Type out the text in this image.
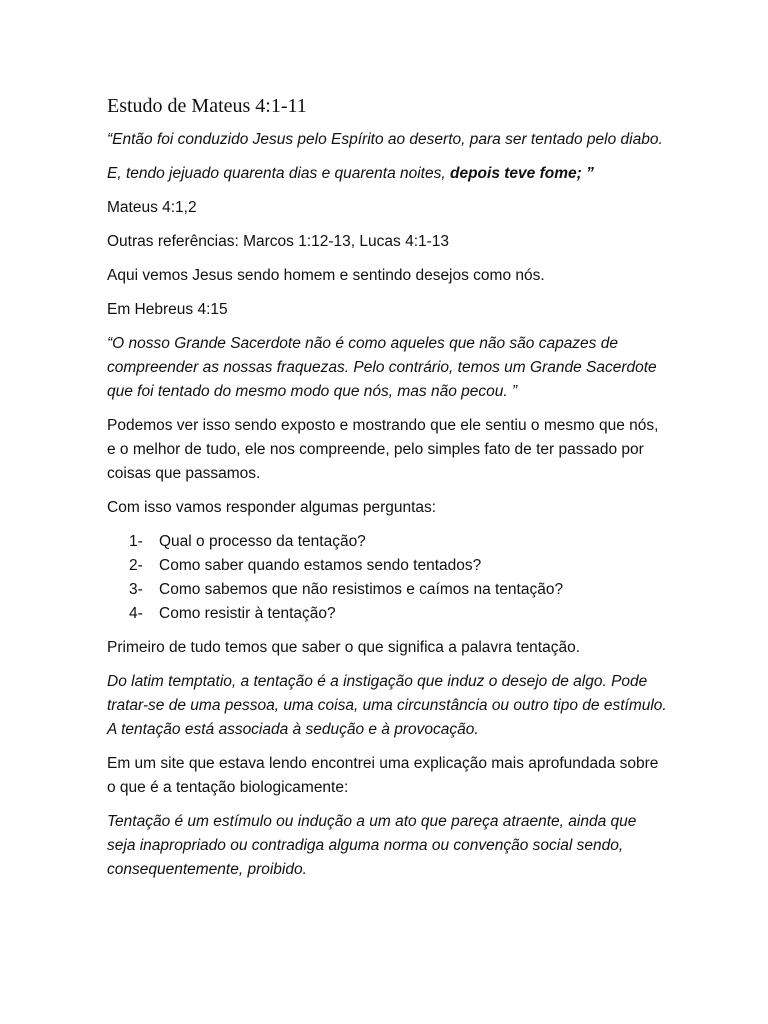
Estudo de Mateus 4:1-11

“Então foi conduzido Jesus pelo Espírito ao deserto, para ser tentado pelo diabo.

E, tendo jejuado quarenta dias e quarenta noites, depois teve fome; ”

Mateus 4:1,2

Outras referências: Marcos 1:12-13, Lucas 4:1-13

Aqui vemos Jesus sendo homem e sentindo desejos como nós.

Em Hebreus 4:15

“O nosso Grande Sacerdote não é como aqueles que não são capazes de compreender as nossas fraquezas. Pelo contrário, temos um Grande Sacerdote que foi tentado do mesmo modo que nós, mas não pecou. ”

Podemos ver isso sendo exposto e mostrando que ele sentiu o mesmo que nós, e o melhor de tudo, ele nos compreende, pelo simples fato de ter passado por coisas que passamos.

Com isso vamos responder algumas perguntas:

1-	Qual o processo da tentação?
2-	Como saber quando estamos sendo tentados?
3-	Como sabemos que não resistimos e caímos na tentação?
4-	Como resistir à tentação?

Primeiro de tudo temos que saber o que significa a palavra tentação.

Do latim temptatio, a tentação é a instigação que induz o desejo de algo. Pode tratar-se de uma pessoa, uma coisa, uma circunstância ou outro tipo de estímulo. A tentação está associada à sedução e à provocação.

Em um site que estava lendo encontrei uma explicação mais aprofundada sobre o que é a tentação biologicamente:

Tentação é um estímulo ou indução a um ato que pareça atraente, ainda que seja inapropriado ou contradiga alguma norma ou convenção social sendo, consequentemente, proibido.
